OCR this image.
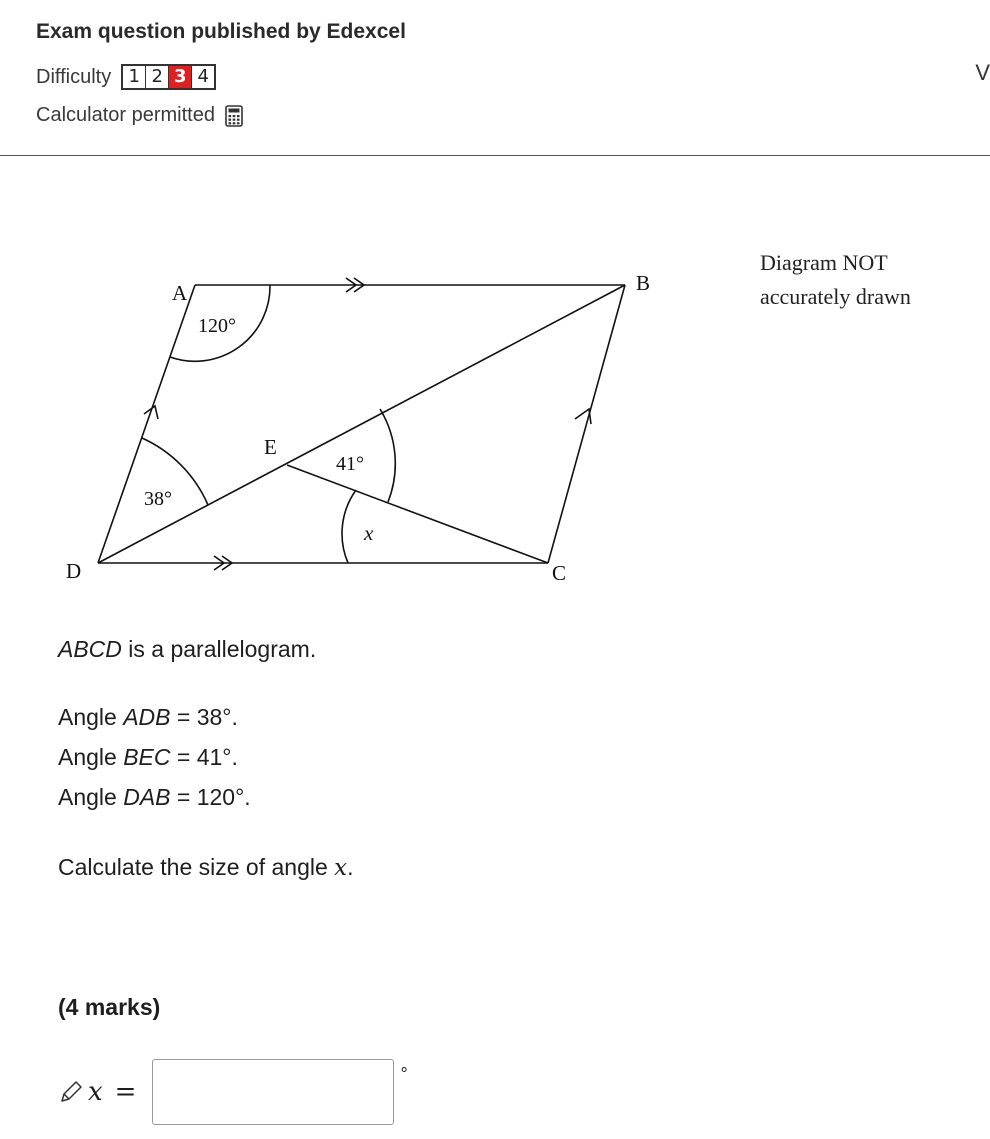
Exam question published by Edexcel
Difficulty 1 2 3 4	V
Calculator permitted
A	B
C
D
E
120°
41°
38°
x
Diagram NOT
accurately drawn
ABCD is a parallelogram.
Angle ADB = 38°.
Angle BEC = 41°.
Angle DAB = 120°.
Calculate the size of angle x.
(4 marks)
x =
°
